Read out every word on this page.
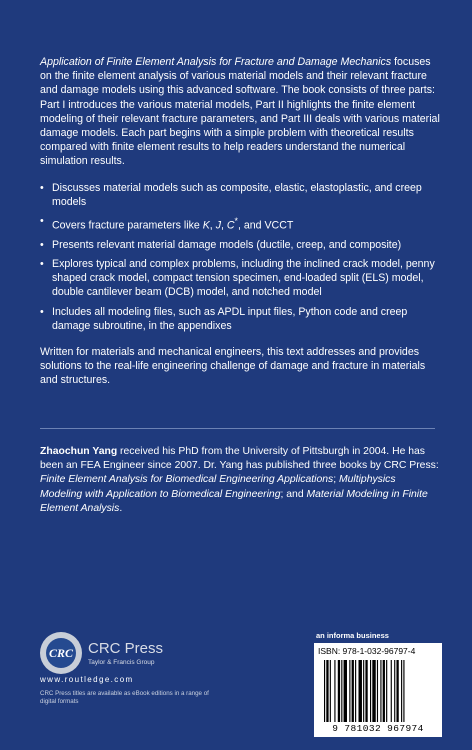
Application of Finite Element Analysis for Fracture and Damage Mechanics focuses on the finite element analysis of various material models and their relevant fracture and damage models using this advanced software. The book consists of three parts: Part I introduces the various material models, Part II highlights the finite element modeling of their relevant fracture parameters, and Part III deals with various material damage models. Each part begins with a simple problem with theoretical results compared with finite element results to help readers understand the numerical simulation results.

• Discusses material models such as composite, elastic, elastoplastic, and creep models
• Covers fracture parameters like K, J, C*, and VCCT
• Presents relevant material damage models (ductile, creep, and composite)
• Explores typical and complex problems, including the inclined crack model, penny shaped crack model, compact tension specimen, end-loaded split (ELS) model, double cantilever beam (DCB) model, and notched model
• Includes all modeling files, such as APDL input files, Python code and creep damage subroutine, in the appendixes

Written for materials and mechanical engineers, this text addresses and provides solutions to the real-life engineering challenge of damage and fracture in materials and structures.

Zhaochun Yang received his PhD from the University of Pittsburgh in 2004. He has been an FEA Engineer since 2007. Dr. Yang has published three books by CRC Press: Finite Element Analysis for Biomedical Engineering Applications; Multiphysics Modeling with Application to Biomedical Engineering; and Material Modeling in Finite Element Analysis.

CRC CRC Press
Taylor & Francis Group
www.routledge.com
CRC Press titles are available as eBook editions in a range of digital formats
an informa business
ISBN: 978-1-032-96797-4
9 781032 967974
